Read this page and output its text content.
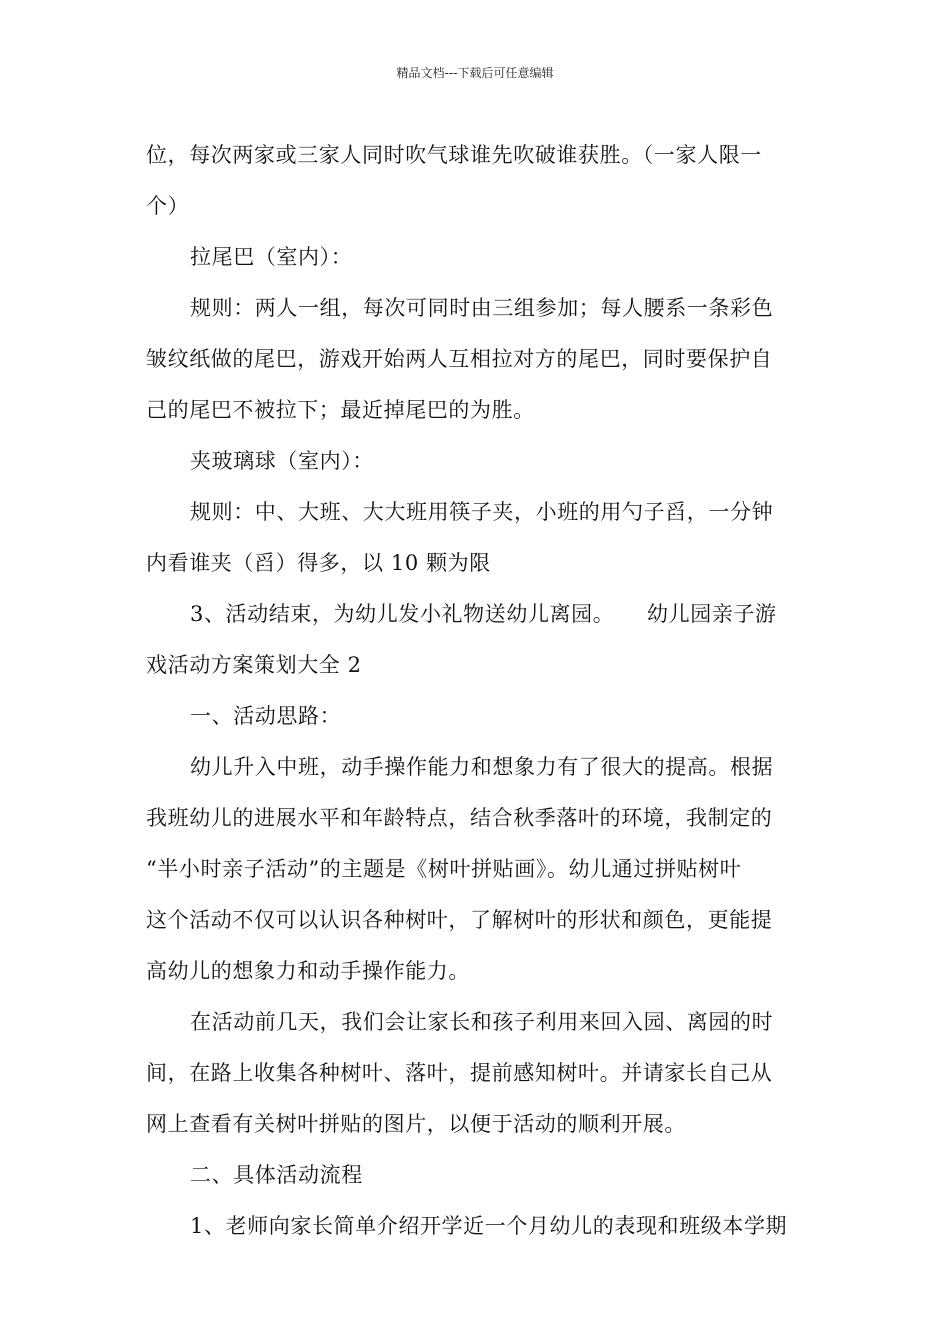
精品文档---下载后可任意编辑
位，每次两家或三家人同时吹气球谁先吹破谁获胜。（一家人限一
个）
拉尾巴（室内）：
规则：两人一组，每次可同时由三组参加；每人腰系一条彩色
皱纹纸做的尾巴，游戏开始两人互相拉对方的尾巴，同时要保护自
己的尾巴不被拉下；最近掉尾巴的为胜。
夹玻璃球（室内）：
规则：中、大班、大大班用筷子夹，小班的用勺子舀，一分钟
内看谁夹（舀）得多，以 10 颗为限
3、活动结束，为幼儿发小礼物送幼儿离园。　　幼儿园亲子游
戏活动方案策划大全 2
一、活动思路：
幼儿升入中班，动手操作能力和想象力有了很大的提高。根据
我班幼儿的进展水平和年龄特点，结合秋季落叶的环境，我制定的
“半小时亲子活动”的主题是《树叶拼贴画》。幼儿通过拼贴树叶
这个活动不仅可以认识各种树叶，了解树叶的形状和颜色，更能提
高幼儿的想象力和动手操作能力。
在活动前几天，我们会让家长和孩子利用来回入园、离园的时
间，在路上收集各种树叶、落叶，提前感知树叶。并请家长自己从
网上查看有关树叶拼贴的图片，以便于活动的顺利开展。
二、具体活动流程
1、老师向家长简单介绍开学近一个月幼儿的表现和班级本学期
